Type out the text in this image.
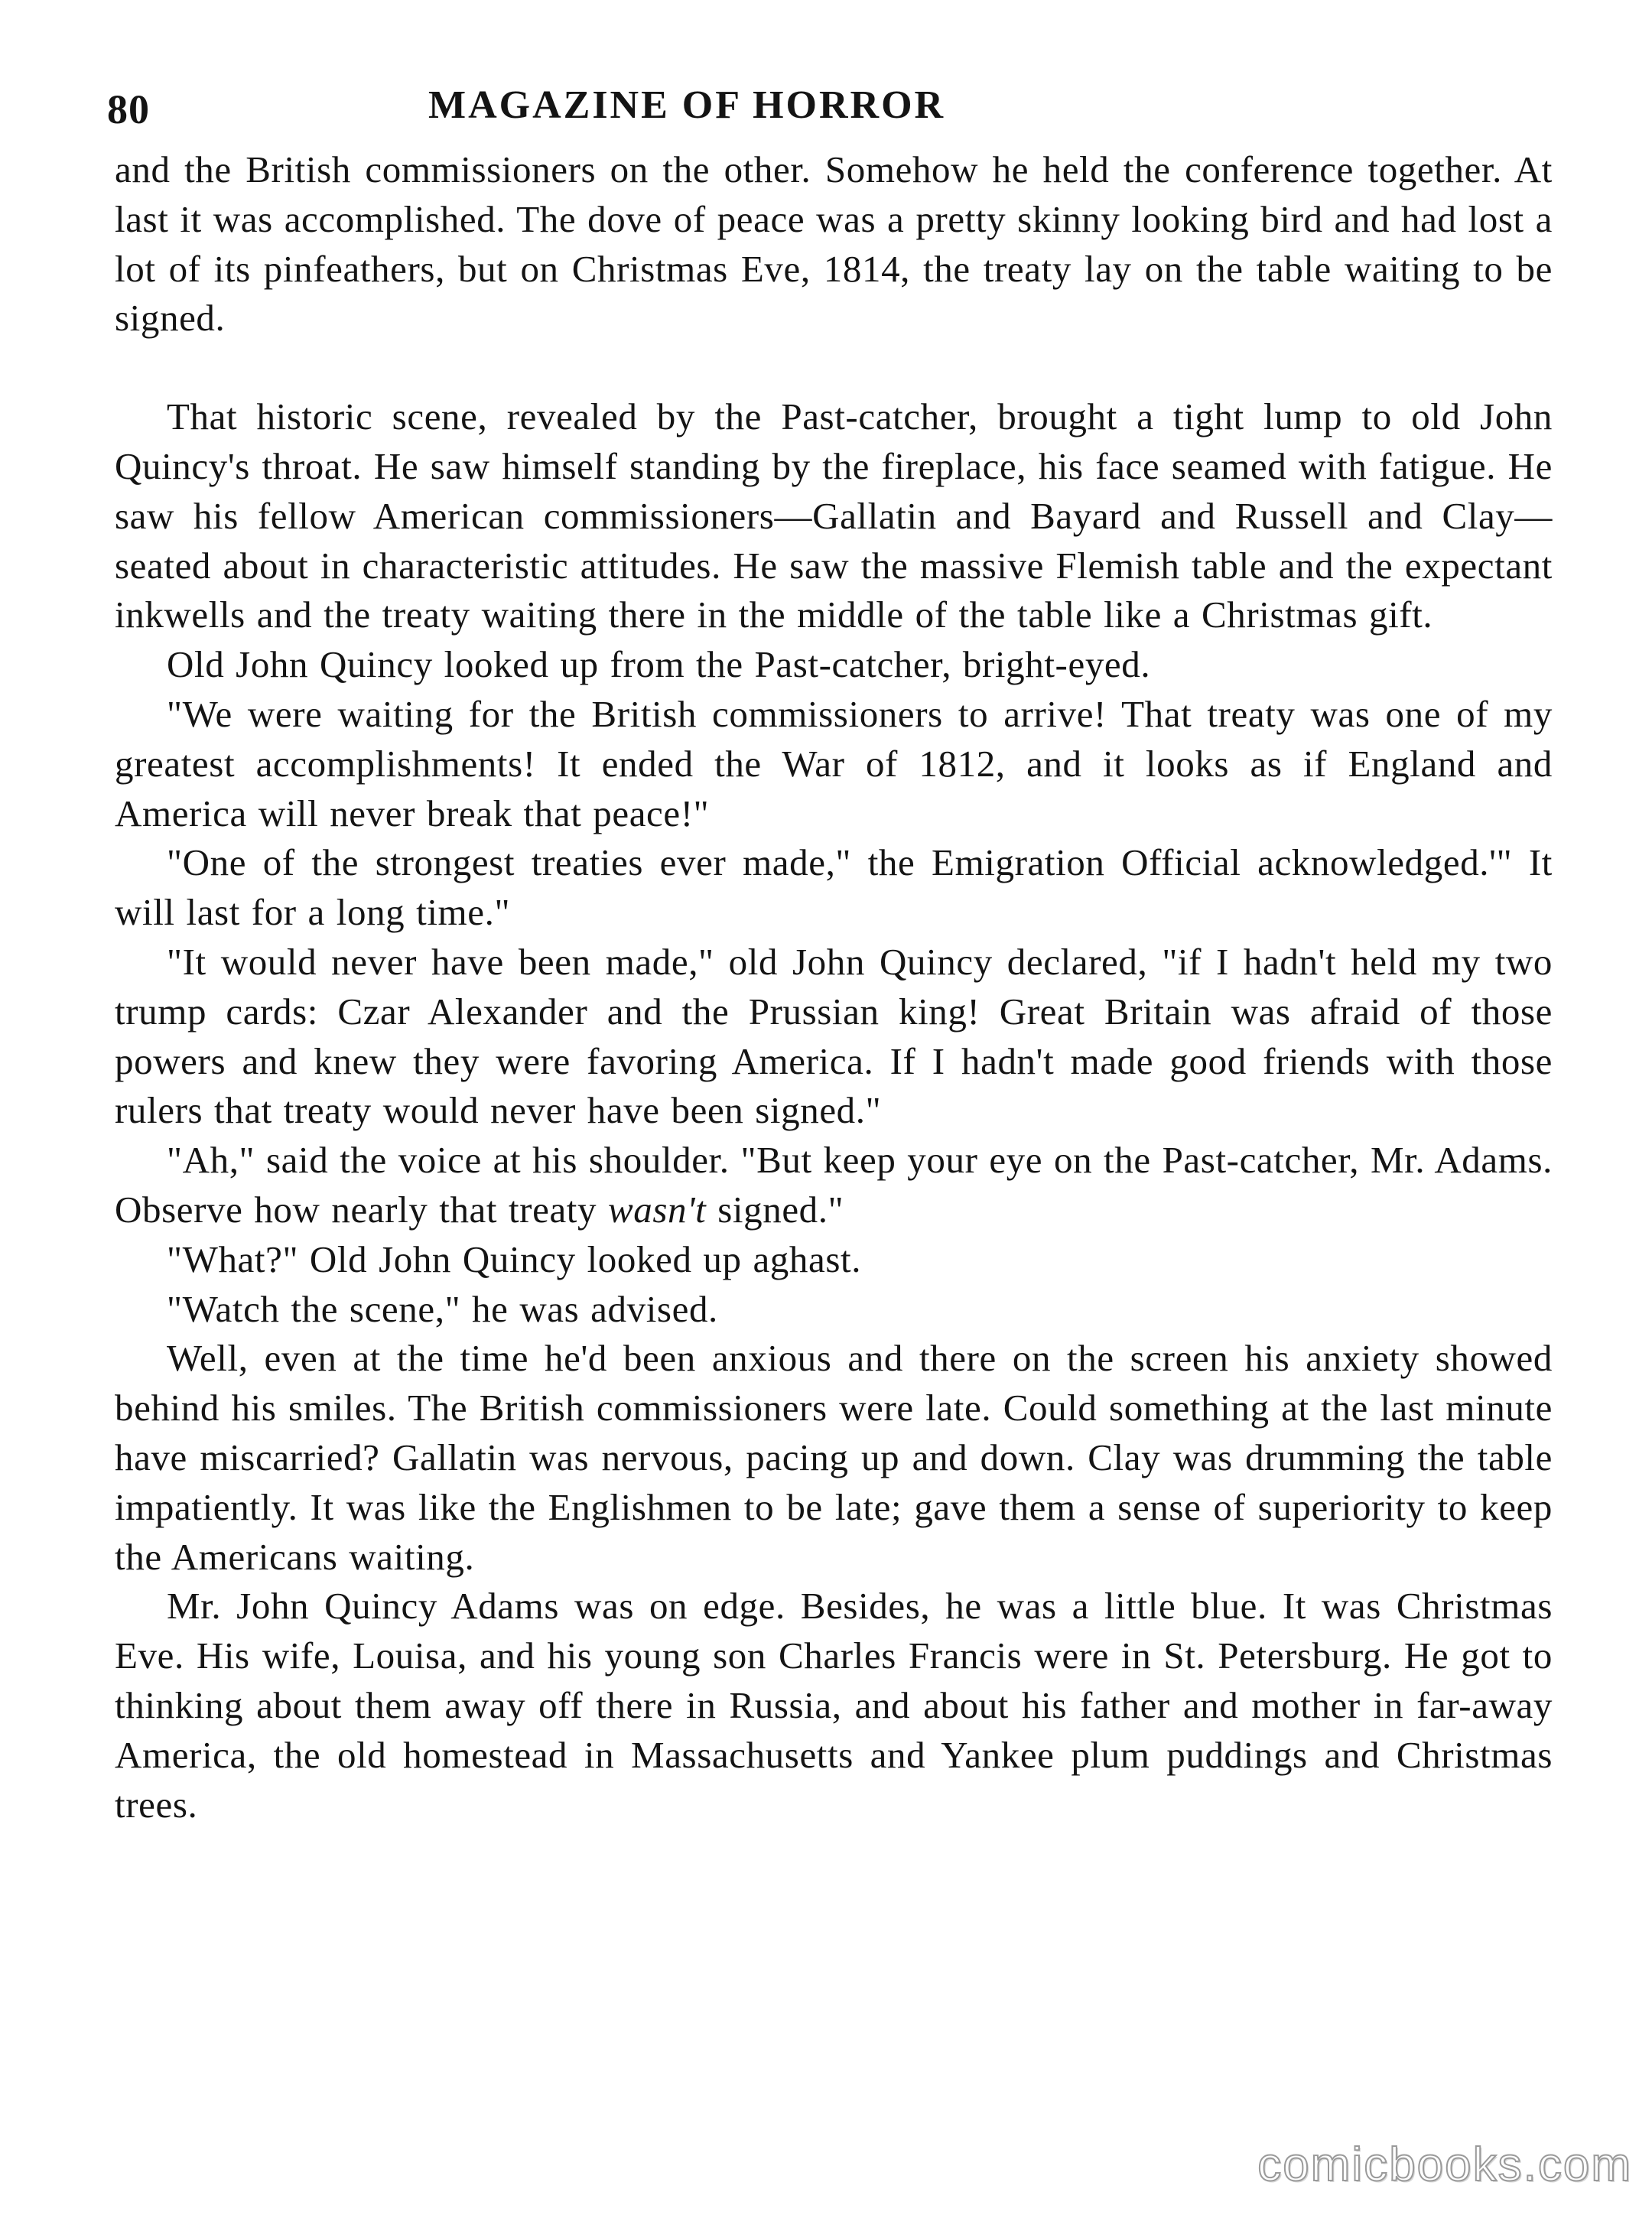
80	MAGAZINE OF HORROR

and the British commissioners on the other. Somehow he held the conference together. At last it was accomplished. The dove of peace was a pretty skinny looking bird and had lost a lot of its pinfeathers, but on Christmas Eve, 1814, the treaty lay on the table waiting to be signed.

That historic scene, revealed by the Past-catcher, brought a tight lump to old John Quincy's throat. He saw himself standing by the fireplace, his face seamed with fatigue. He saw his fellow American commissioners—Gallatin and Bayard and Russell and Clay—seated about in characteristic attitudes. He saw the massive Flemish table and the expectant inkwells and the treaty waiting there in the middle of the table like a Christmas gift.

Old John Quincy looked up from the Past-catcher, bright-eyed.

"We were waiting for the British commissioners to arrive! That treaty was one of my greatest accomplishments! It ended the War of 1812, and it looks as if England and America will never break that peace!"

"One of the strongest treaties ever made," the Emigration Official acknowledged.'" It will last for a long time."

"It would never have been made," old John Quincy declared, "if I hadn't held my two trump cards: Czar Alexander and the Prussian king! Great Britain was afraid of those powers and knew they were favoring America. If I hadn't made good friends with those rulers that treaty would never have been signed."

"Ah," said the voice at his shoulder. "But keep your eye on the Past-catcher, Mr. Adams. Observe how nearly that treaty wasn't signed."

"What?" Old John Quincy looked up aghast.

"Watch the scene," he was advised.

Well, even at the time he'd been anxious and there on the screen his anxiety showed behind his smiles. The British commissioners were late. Could something at the last minute have miscarried? Gallatin was nervous, pacing up and down. Clay was drumming the table impatiently. It was like the Englishmen to be late; gave them a sense of superiority to keep the Americans waiting.

Mr. John Quincy Adams was on edge. Besides, he was a little blue. It was Christmas Eve. His wife, Louisa, and his young son Charles Francis were in St. Petersburg. He got to thinking about them away off there in Russia, and about his father and mother in far-away America, the old homestead in Massachusetts and Yankee plum puddings and Christmas trees.

comicbooks.com
